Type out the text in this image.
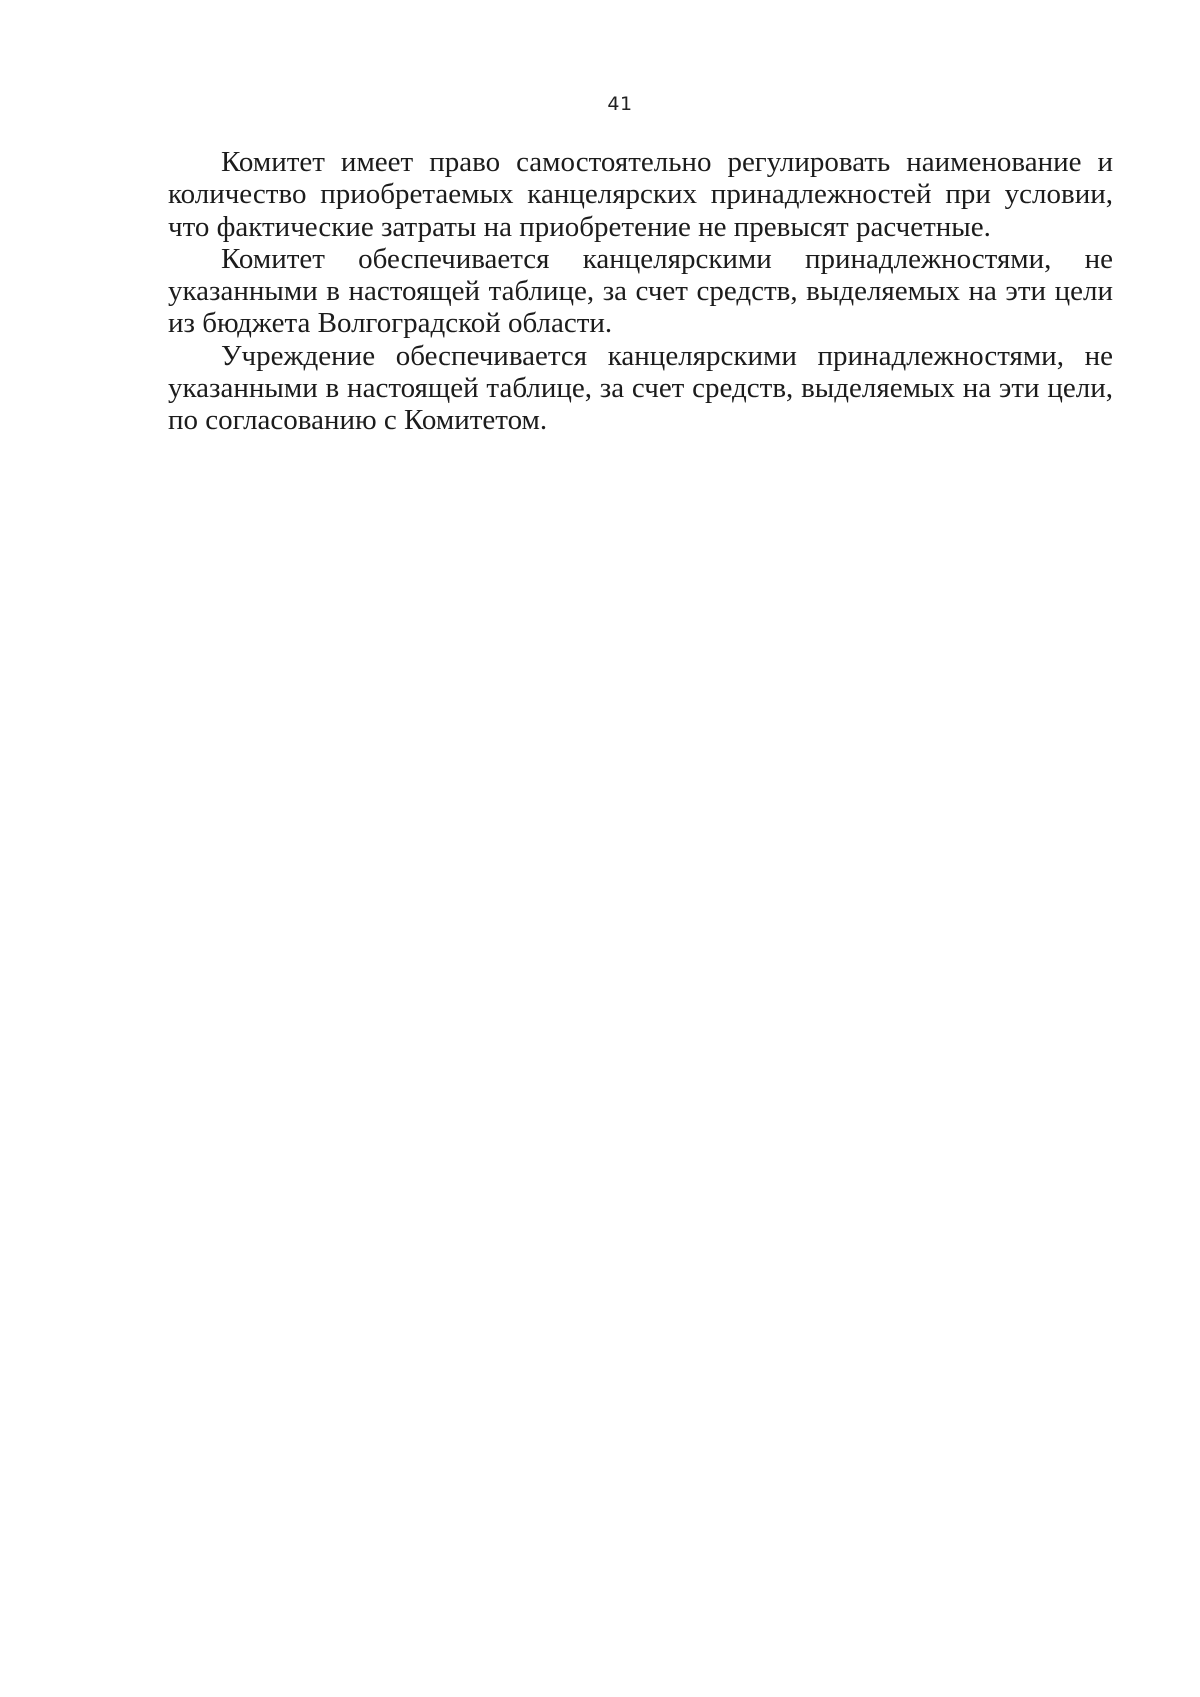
41

Комитет имеет право самостоятельно регулировать наименование и количество приобретаемых канцелярских принадлежностей при условии, что фактические затраты на приобретение не превысят расчетные.

Комитет обеспечивается канцелярскими принадлежностями, не указанными в настоящей таблице, за счет средств, выделяемых на эти цели из бюджета Волгоградской области.

Учреждение обеспечивается канцелярскими принадлежностями, не указанными в настоящей таблице, за счет средств, выделяемых на эти цели, по согласованию с Комитетом.
